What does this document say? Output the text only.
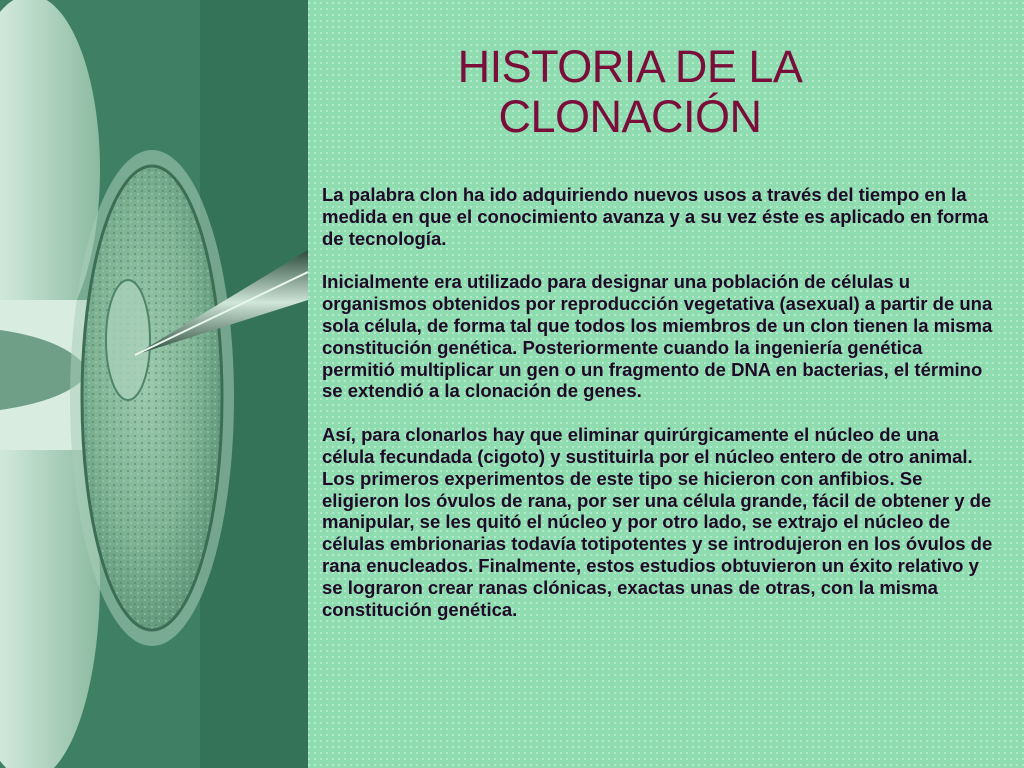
HISTORIA DE LA
CLONACIÓN

La palabra clon ha ido adquiriendo nuevos usos a través del tiempo en la medida en que el conocimiento avanza y a su vez éste es aplicado en forma de tecnología.

Inicialmente era utilizado para designar una población de células u organismos obtenidos por reproducción vegetativa (asexual) a partir de una sola célula, de forma tal que todos los miembros de un clon tienen la misma constitución genética. Posteriormente cuando la ingeniería genética permitió multiplicar un gen o un fragmento de DNA en bacterias, el término se extendió a la clonación de genes.

Así, para clonarlos hay que eliminar quirúrgicamente el núcleo de una célula fecundada (cigoto) y sustituirla por el núcleo entero de otro animal. Los primeros experimentos de este tipo se hicieron con anfibios. Se eligieron los óvulos de rana, por ser una célula grande, fácil de obtener y de manipular, se les quitó el núcleo y por otro lado, se extrajo el núcleo de células embrionarias todavía totipotentes y se introdujeron en los óvulos de rana enucleados. Finalmente, estos estudios obtuvieron un éxito relativo y se lograron crear ranas clónicas, exactas unas de otras, con la misma constitución genética.
